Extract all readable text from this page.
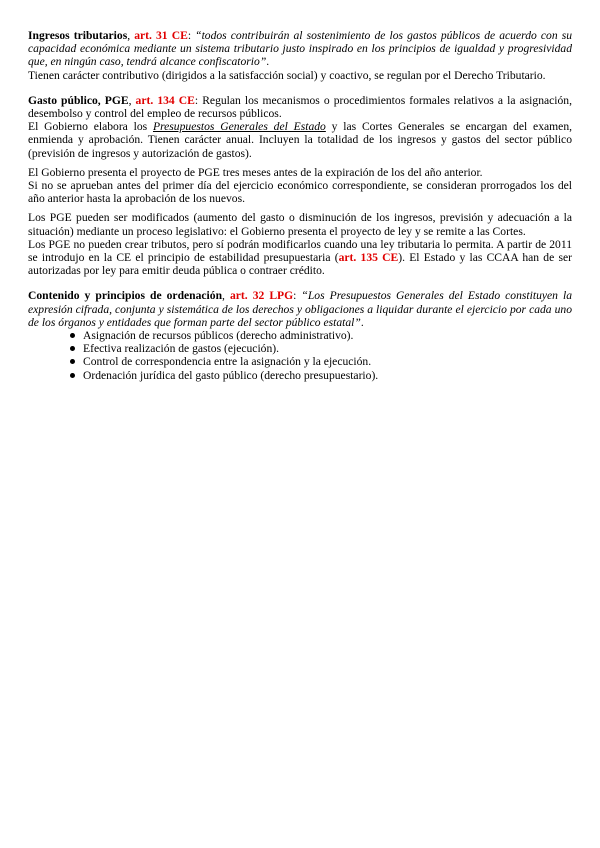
Ingresos tributarios, art. 31 CE: “todos contribuirán al sostenimiento de los gastos públicos de acuerdo con su capacidad económica mediante un sistema tributario justo inspirado en los principios de igualdad y progresividad que, en ningún caso, tendrá alcance confiscatorio”.

Tienen carácter contributivo (dirigidos a la satisfacción social) y coactivo, se regulan por el Derecho Tributario.

Gasto público, PGE, art. 134 CE: Regulan los mecanismos o procedimientos formales relativos a la asignación, desembolso y control del empleo de recursos públicos.

El Gobierno elabora los Presupuestos Generales del Estado y las Cortes Generales se encargan del examen, enmienda y aprobación. Tienen carácter anual. Incluyen la totalidad de los ingresos y gastos del sector público (previsión de ingresos y autorización de gastos).

El Gobierno presenta el proyecto de PGE tres meses antes de la expiración de los del año anterior.

Si no se aprueban antes del primer día del ejercicio económico correspondiente, se consideran prorrogados los del año anterior hasta la aprobación de los nuevos.

Los PGE pueden ser modificados (aumento del gasto o disminución de los ingresos, previsión y adecuación a la situación) mediante un proceso legislativo: el Gobierno presenta el proyecto de ley y se remite a las Cortes.

Los PGE no pueden crear tributos, pero sí podrán modificarlos cuando una ley tributaria lo permita. A partir de 2011 se introdujo en la CE el principio de estabilidad presupuestaria (art. 135 CE). El Estado y las CCAA han de ser autorizadas por ley para emitir deuda pública o contraer crédito.

Contenido y principios de ordenación, art. 32 LPG: “Los Presupuestos Generales del Estado constituyen la expresión cifrada, conjunta y sistemática de los derechos y obligaciones a liquidar durante el ejercicio por cada uno de los órganos y entidades que forman parte del sector público estatal”.

Asignación de recursos públicos (derecho administrativo).
Efectiva realización de gastos (ejecución).
Control de correspondencia entre la asignación y la ejecución.
Ordenación jurídica del gasto público (derecho presupuestario).
